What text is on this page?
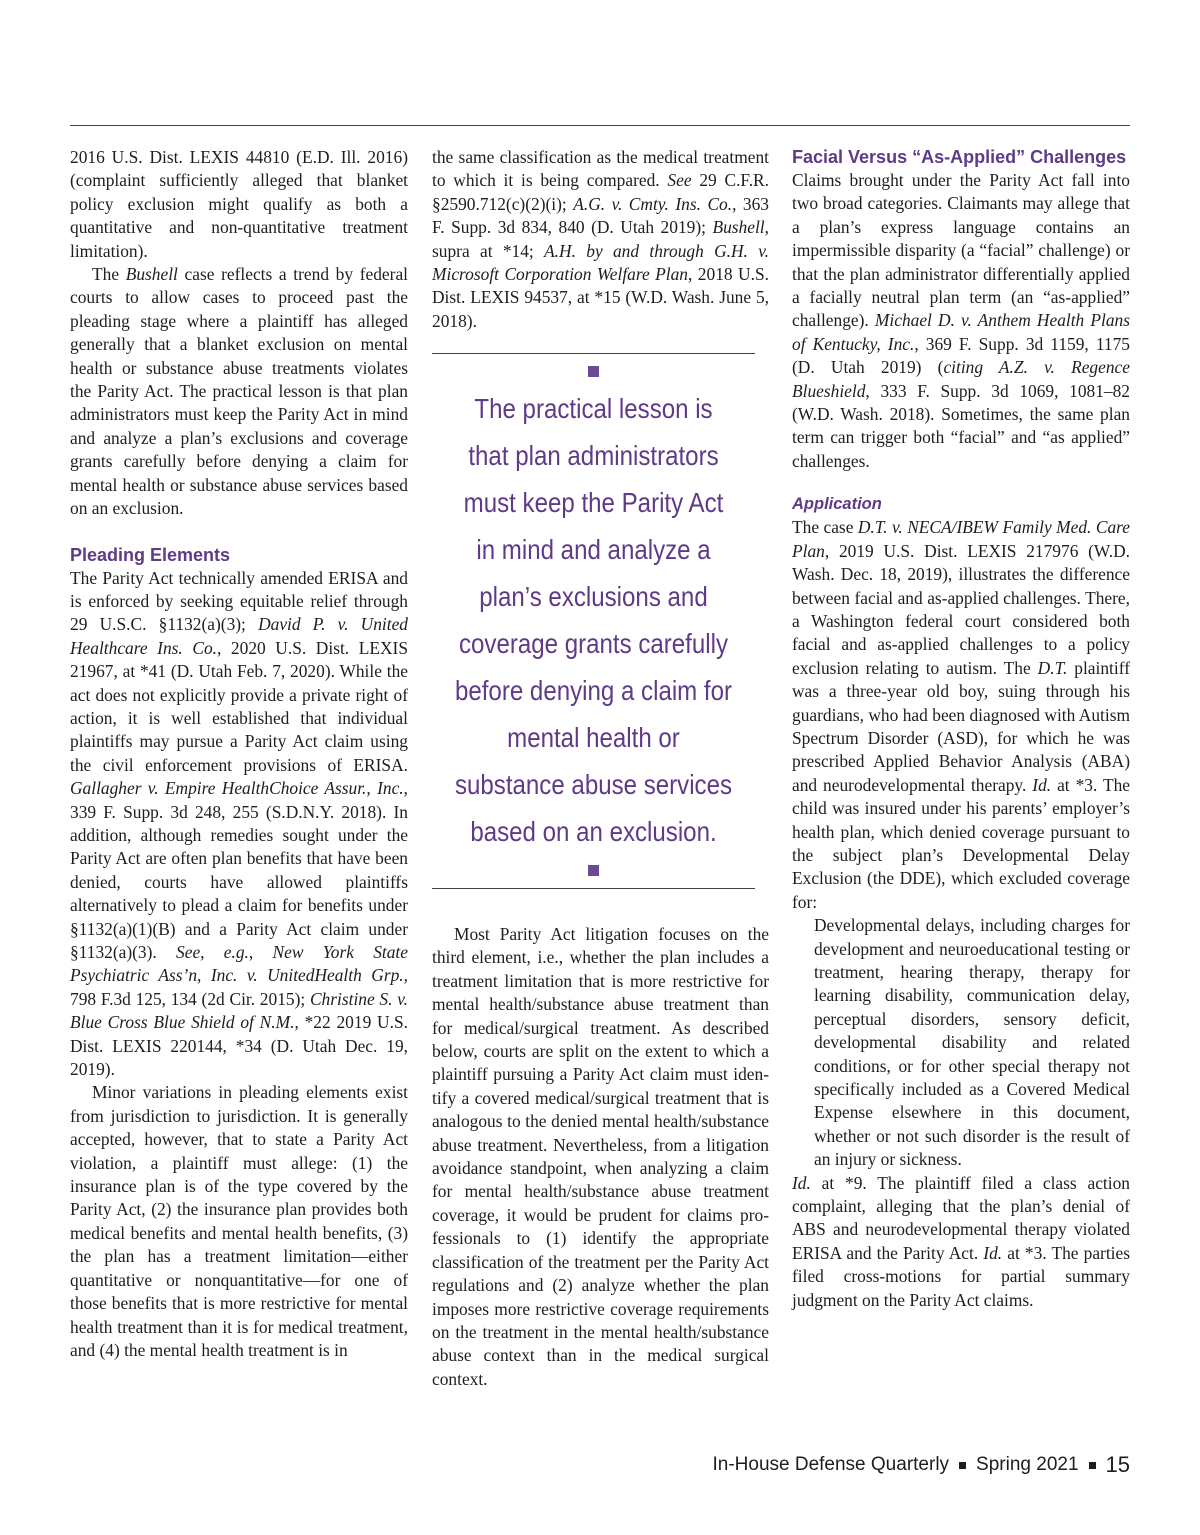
2016 U.S. Dist. LEXIS 44810 (E.D. Ill. 2016) (complaint sufficiently alleged that blanket policy exclusion might qualify as both a quantitative and non-quantitative treatment limitation).

The Bushell case reflects a trend by federal courts to allow cases to proceed past the pleading stage where a plaintiff has alleged generally that a blanket exclusion on mental health or substance abuse treatments violates the Parity Act. The practical lesson is that plan administrators must keep the Parity Act in mind and analyze a plan’s exclusions and coverage grants carefully before denying a claim for mental health or substance abuse services based on an exclusion.

Pleading Elements

The Parity Act technically amended ERISA and is enforced by seeking equitable relief through 29 U.S.C. §1132(a)(3); David P. v. United Healthcare Ins. Co., 2020 U.S. Dist. LEXIS 21967, at *41 (D. Utah Feb. 7, 2020). While the act does not explicitly provide a private right of action, it is well established that individual plaintiffs may pursue a Parity Act claim using the civil enforcement provisions of ERISA. Gallagher v. Empire HealthChoice Assur., Inc., 339 F. Supp. 3d 248, 255 (S.D.N.Y. 2018). In addition, although remedies sought under the Parity Act are often plan benefits that have been denied, courts have allowed plaintiffs alternatively to plead a claim for benefits under §1132(a)(1)(B) and a Parity Act claim under §1132(a)(3). See, e.g., New York State Psychiatric Ass’n, Inc. v. UnitedHealth Grp., 798 F.3d 125, 134 (2d Cir. 2015); Christine S. v. Blue Cross Blue Shield of N.M., *22 2019 U.S. Dist. LEXIS 220144, *34 (D. Utah Dec. 19, 2019).

Minor variations in pleading elements exist from jurisdiction to jurisdiction. It is generally accepted, however, that to state a Parity Act violation, a plaintiff must allege: (1) the insurance plan is of the type covered by the Parity Act, (2) the insurance plan provides both medical benefits and mental health benefits, (3) the plan has a treatment limitation—either quantitative or nonquantitative—for one of those benefits that is more restrictive for mental health treatment than it is for medical treatment, and (4) the mental health treatment is in

the same classification as the medical treatment to which it is being compared. See 29 C.F.R. §2590.712(c)(2)(i); A.G. v. Cmty. Ins. Co., 363 F. Supp. 3d 834, 840 (D. Utah 2019); Bushell, supra at *14; A.H. by and through G.H. v. Microsoft Corporation Welfare Plan, 2018 U.S. Dist. LEXIS 94537, at *15 (W.D. Wash. June 5, 2018).

The practical lesson is that plan administrators must keep the Parity Act in mind and analyze a plan’s exclusions and coverage grants carefully before denying a claim for mental health or substance abuse services based on an exclusion.

Most Parity Act litigation focuses on the third element, i.e., whether the plan includes a treatment limitation that is more restrictive for mental health/substance abuse treatment than for medical/surgical treatment. As described below, courts are split on the extent to which a plaintiff pursuing a Parity Act claim must identify a covered medical/surgical treatment that is analogous to the denied mental health/substance abuse treatment. Nevertheless, from a litigation avoidance standpoint, when analyzing a claim for mental health/substance abuse treatment coverage, it would be prudent for claims professionals to (1) identify the appropriate classification of the treatment per the Parity Act regulations and (2) analyze whether the plan imposes more restrictive coverage requirements on the treatment in the mental health/substance abuse context than in the medical surgical context.

Facial Versus “As-Applied” Challenges

Claims brought under the Parity Act fall into two broad categories. Claimants may allege that a plan’s express language contains an impermissible disparity (a “facial” challenge) or that the plan administrator differentially applied a facially neutral plan term (an “as-applied” challenge). Michael D. v. Anthem Health Plans of Kentucky, Inc., 369 F. Supp. 3d 1159, 1175 (D. Utah 2019) (citing A.Z. v. Regence Blueshield, 333 F. Supp. 3d 1069, 1081–82 (W.D. Wash. 2018). Sometimes, the same plan term can trigger both “facial” and “as applied” challenges.

Application

The case D.T. v. NECA/IBEW Family Med. Care Plan, 2019 U.S. Dist. LEXIS 217976 (W.D. Wash. Dec. 18, 2019), illustrates the difference between facial and as-applied challenges. There, a Washington federal court considered both facial and as-applied challenges to a policy exclusion relating to autism. The D.T. plaintiff was a three-year old boy, suing through his guardians, who had been diagnosed with Autism Spectrum Disorder (ASD), for which he was prescribed Applied Behavior Analysis (ABA) and neurodevelopmental therapy. Id. at *3. The child was insured under his parents’ employer’s health plan, which denied coverage pursuant to the subject plan’s Developmental Delay Exclusion (the DDE), which excluded coverage for:

Developmental delays, including charges for development and neuroeducational testing or treatment, hearing therapy, therapy for learning disability, communication delay, perceptual disorders, sensory deficit, developmental disability and related conditions, or for other special therapy not specifically included as a Covered Medical Expense elsewhere in this document, whether or not such disorder is the result of an injury or sickness.

Id. at *9. The plaintiff filed a class action complaint, alleging that the plan’s denial of ABS and neurodevelopmental therapy violated ERISA and the Parity Act. Id. at *3. The parties filed cross-motions for partial summary judgment on the Parity Act claims.

In-House Defense Quarterly Spring 2021 15
